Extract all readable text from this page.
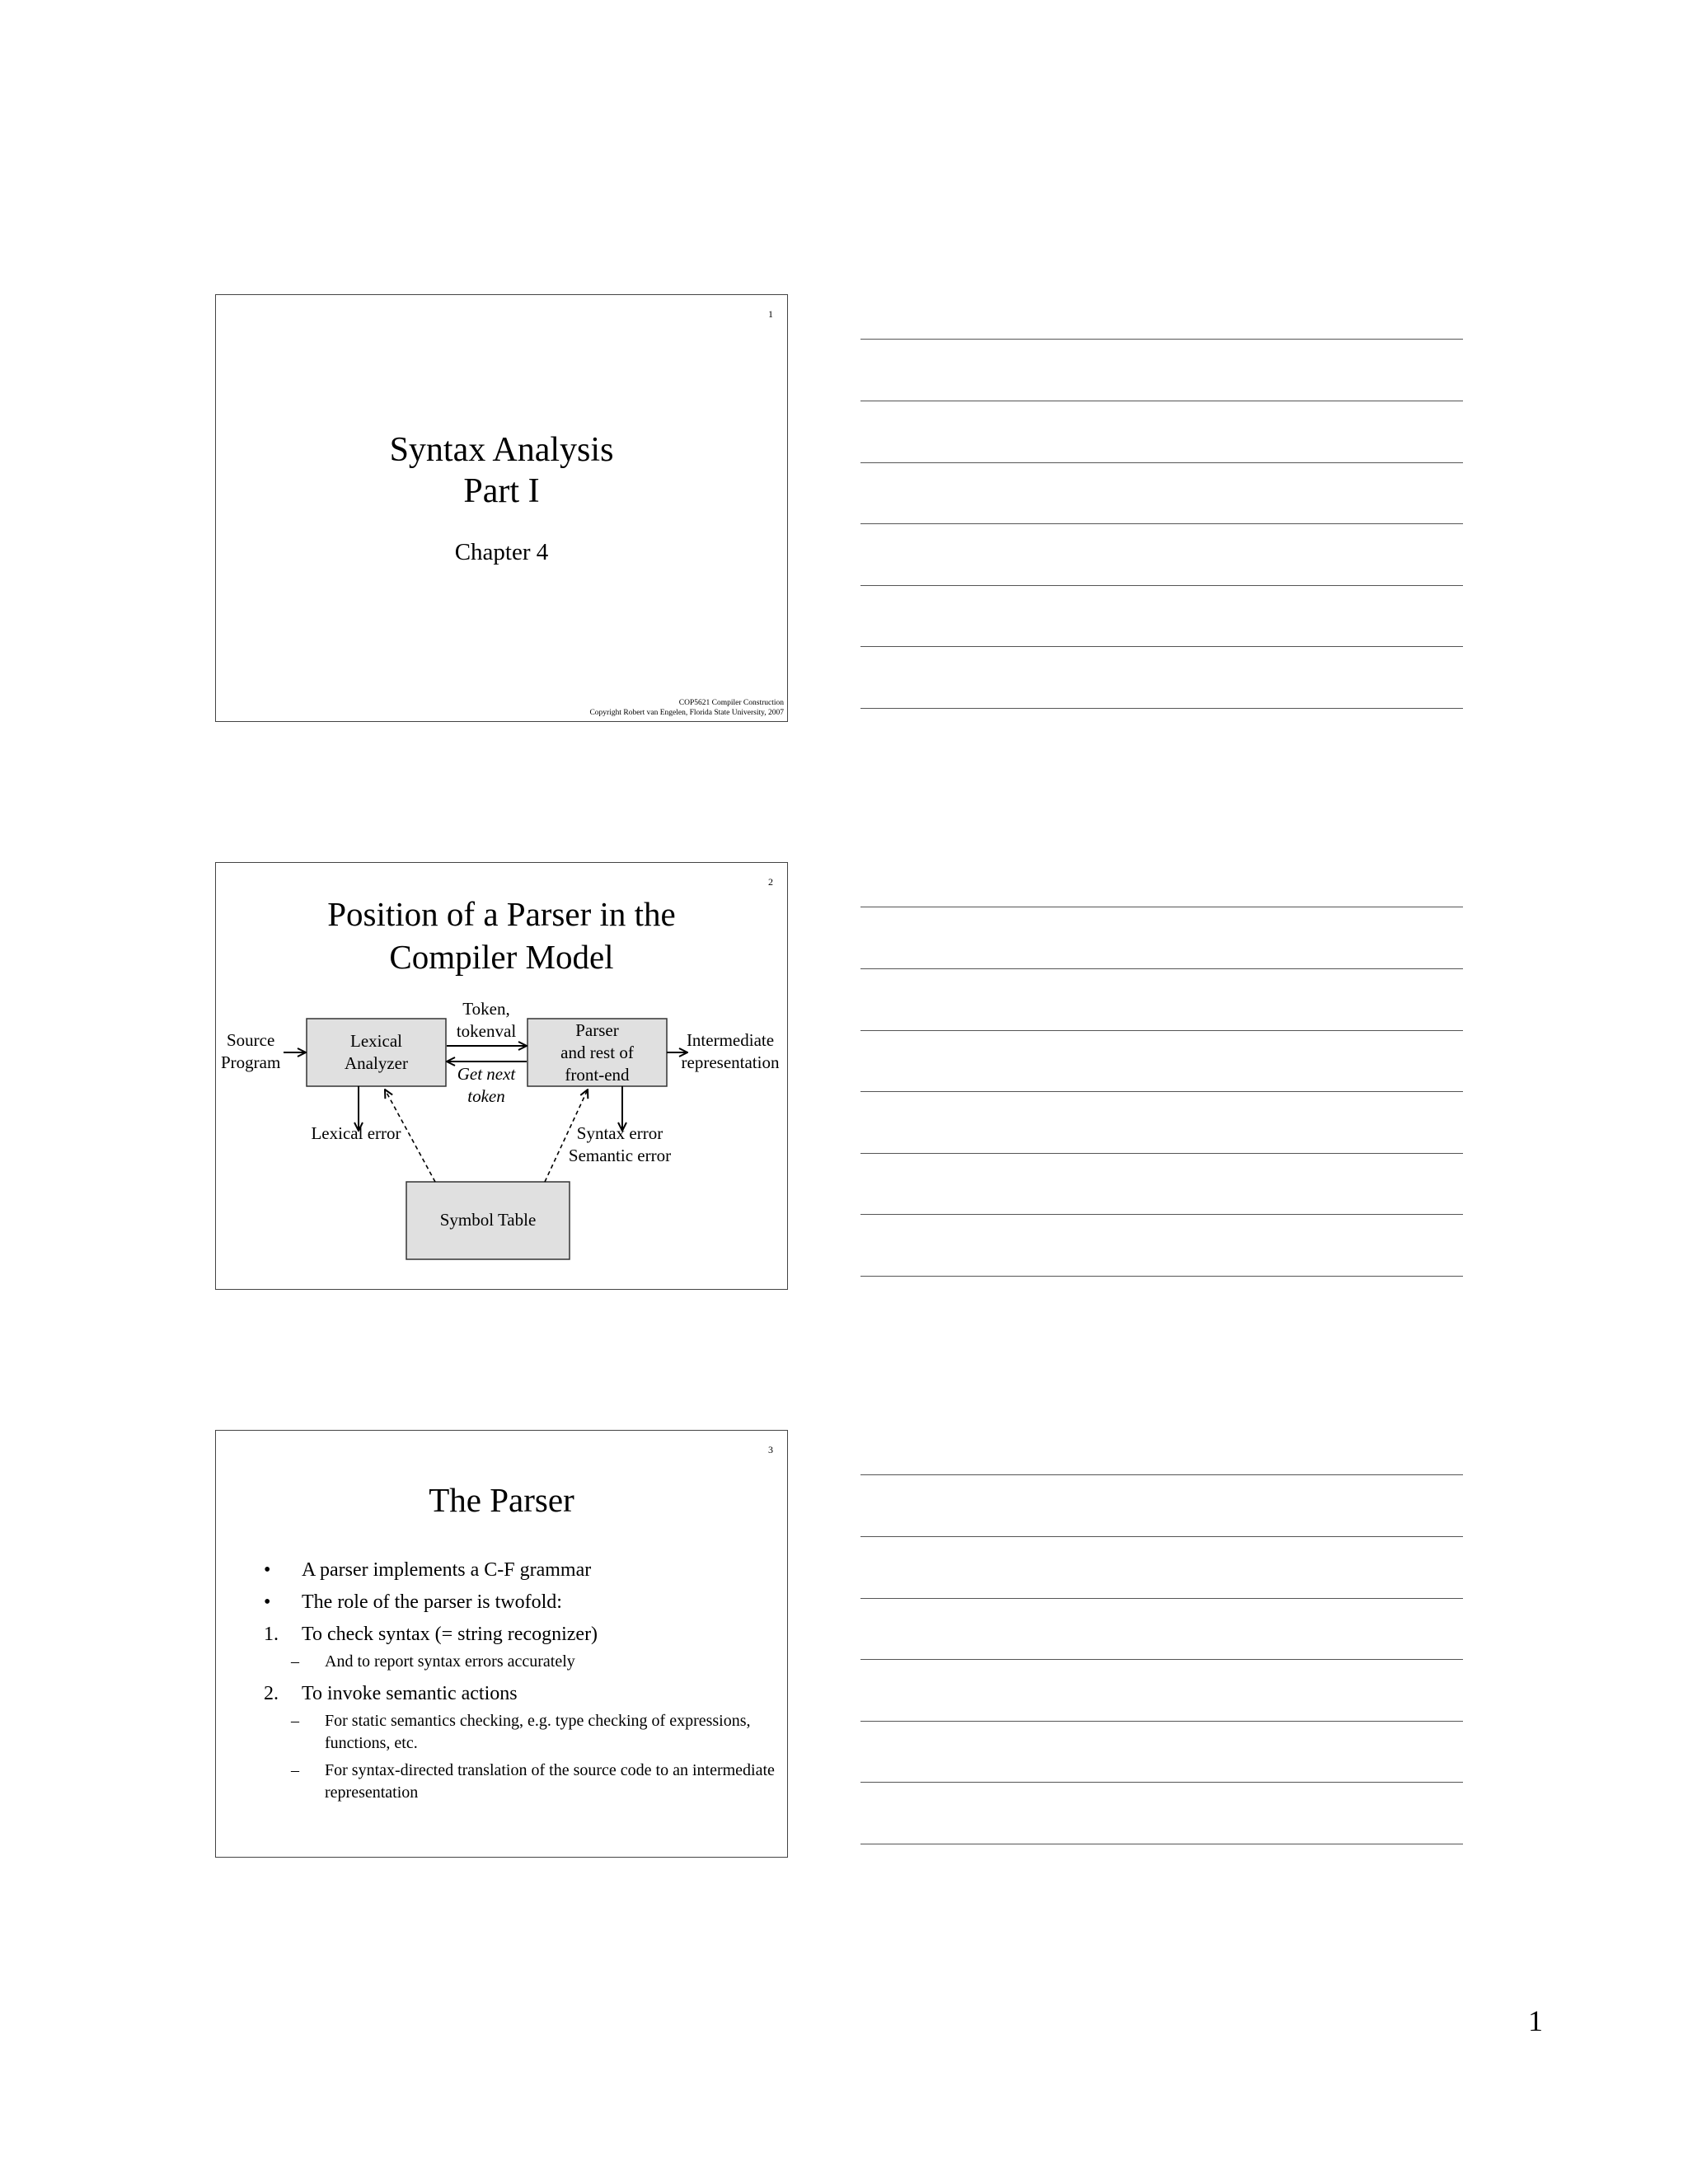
1
Syntax Analysis
Part I
Chapter 4
COP5621 Compiler Construction
Copyright Robert van Engelen, Florida State University, 2007
2
Position of a Parser in the
Compiler Model
Source
Program
Lexical
Analyzer
Parser
and rest of
front-end
Token,
tokenval
Get next
token
Intermediate
representation
Lexical error	Syntax error
Semantic error
Symbol Table
3
The Parser
• A parser implements a C-F grammar
• The role of the parser is twofold:
1. To check syntax (= string recognizer)
– And to report syntax errors accurately
2. To invoke semantic actions
– For static semantics checking, e.g. type checking of expressions, functions, etc.
– For syntax-directed translation of the source code to an intermediate representation
1
